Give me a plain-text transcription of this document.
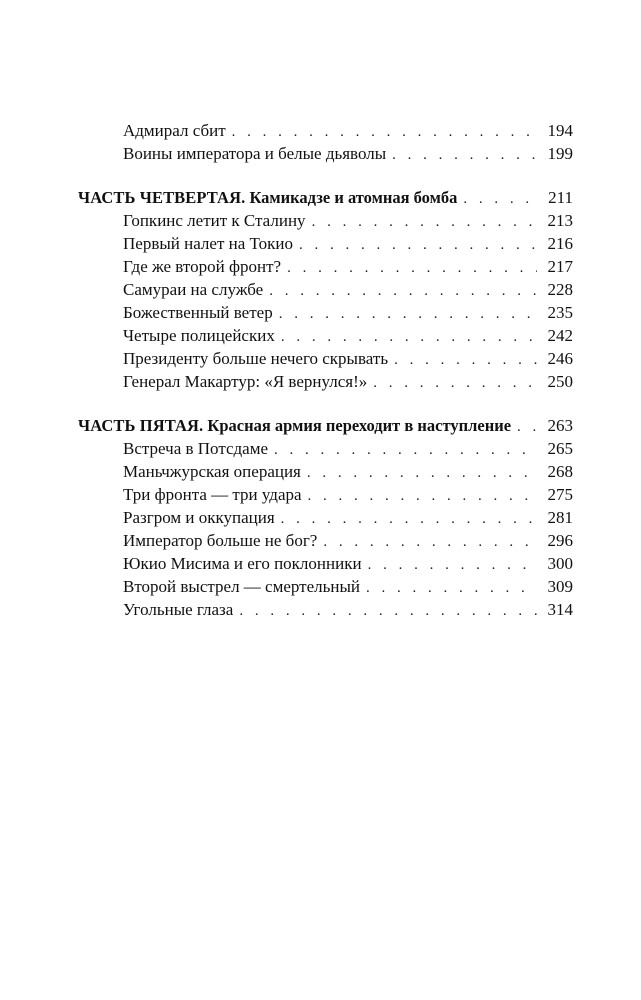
Адмирал сбит . . .	194
Воины императора и белые дьяволы . . .	199
ЧАСТЬ ЧЕТВЕРТАЯ. Камикадзе и атомная бомба . . .	211
Гопкинс летит к Сталину . . .	213
Первый налет на Токио . . .	216
Где же второй фронт? . . .	217
Самураи на службе . . .	228
Божественный ветер . . .	235
Четыре полицейских . . .	242
Президенту больше нечего скрывать . . .	246
Генерал Макартур: «Я вернулся!» . . .	250
ЧАСТЬ ПЯТАЯ. Красная армия переходит в наступление . . . 263
Встреча в Потсдаме . . .	265
Маньчжурская операция . . .	268
Три фронта — три удара . . .	275
Разгром и оккупация . . .	281
Император больше не бог? . . .	296
Юкио Мисима и его поклонники . . .	300
Второй выстрел — смертельный . . .	309
Угольные глаза . . .	314
